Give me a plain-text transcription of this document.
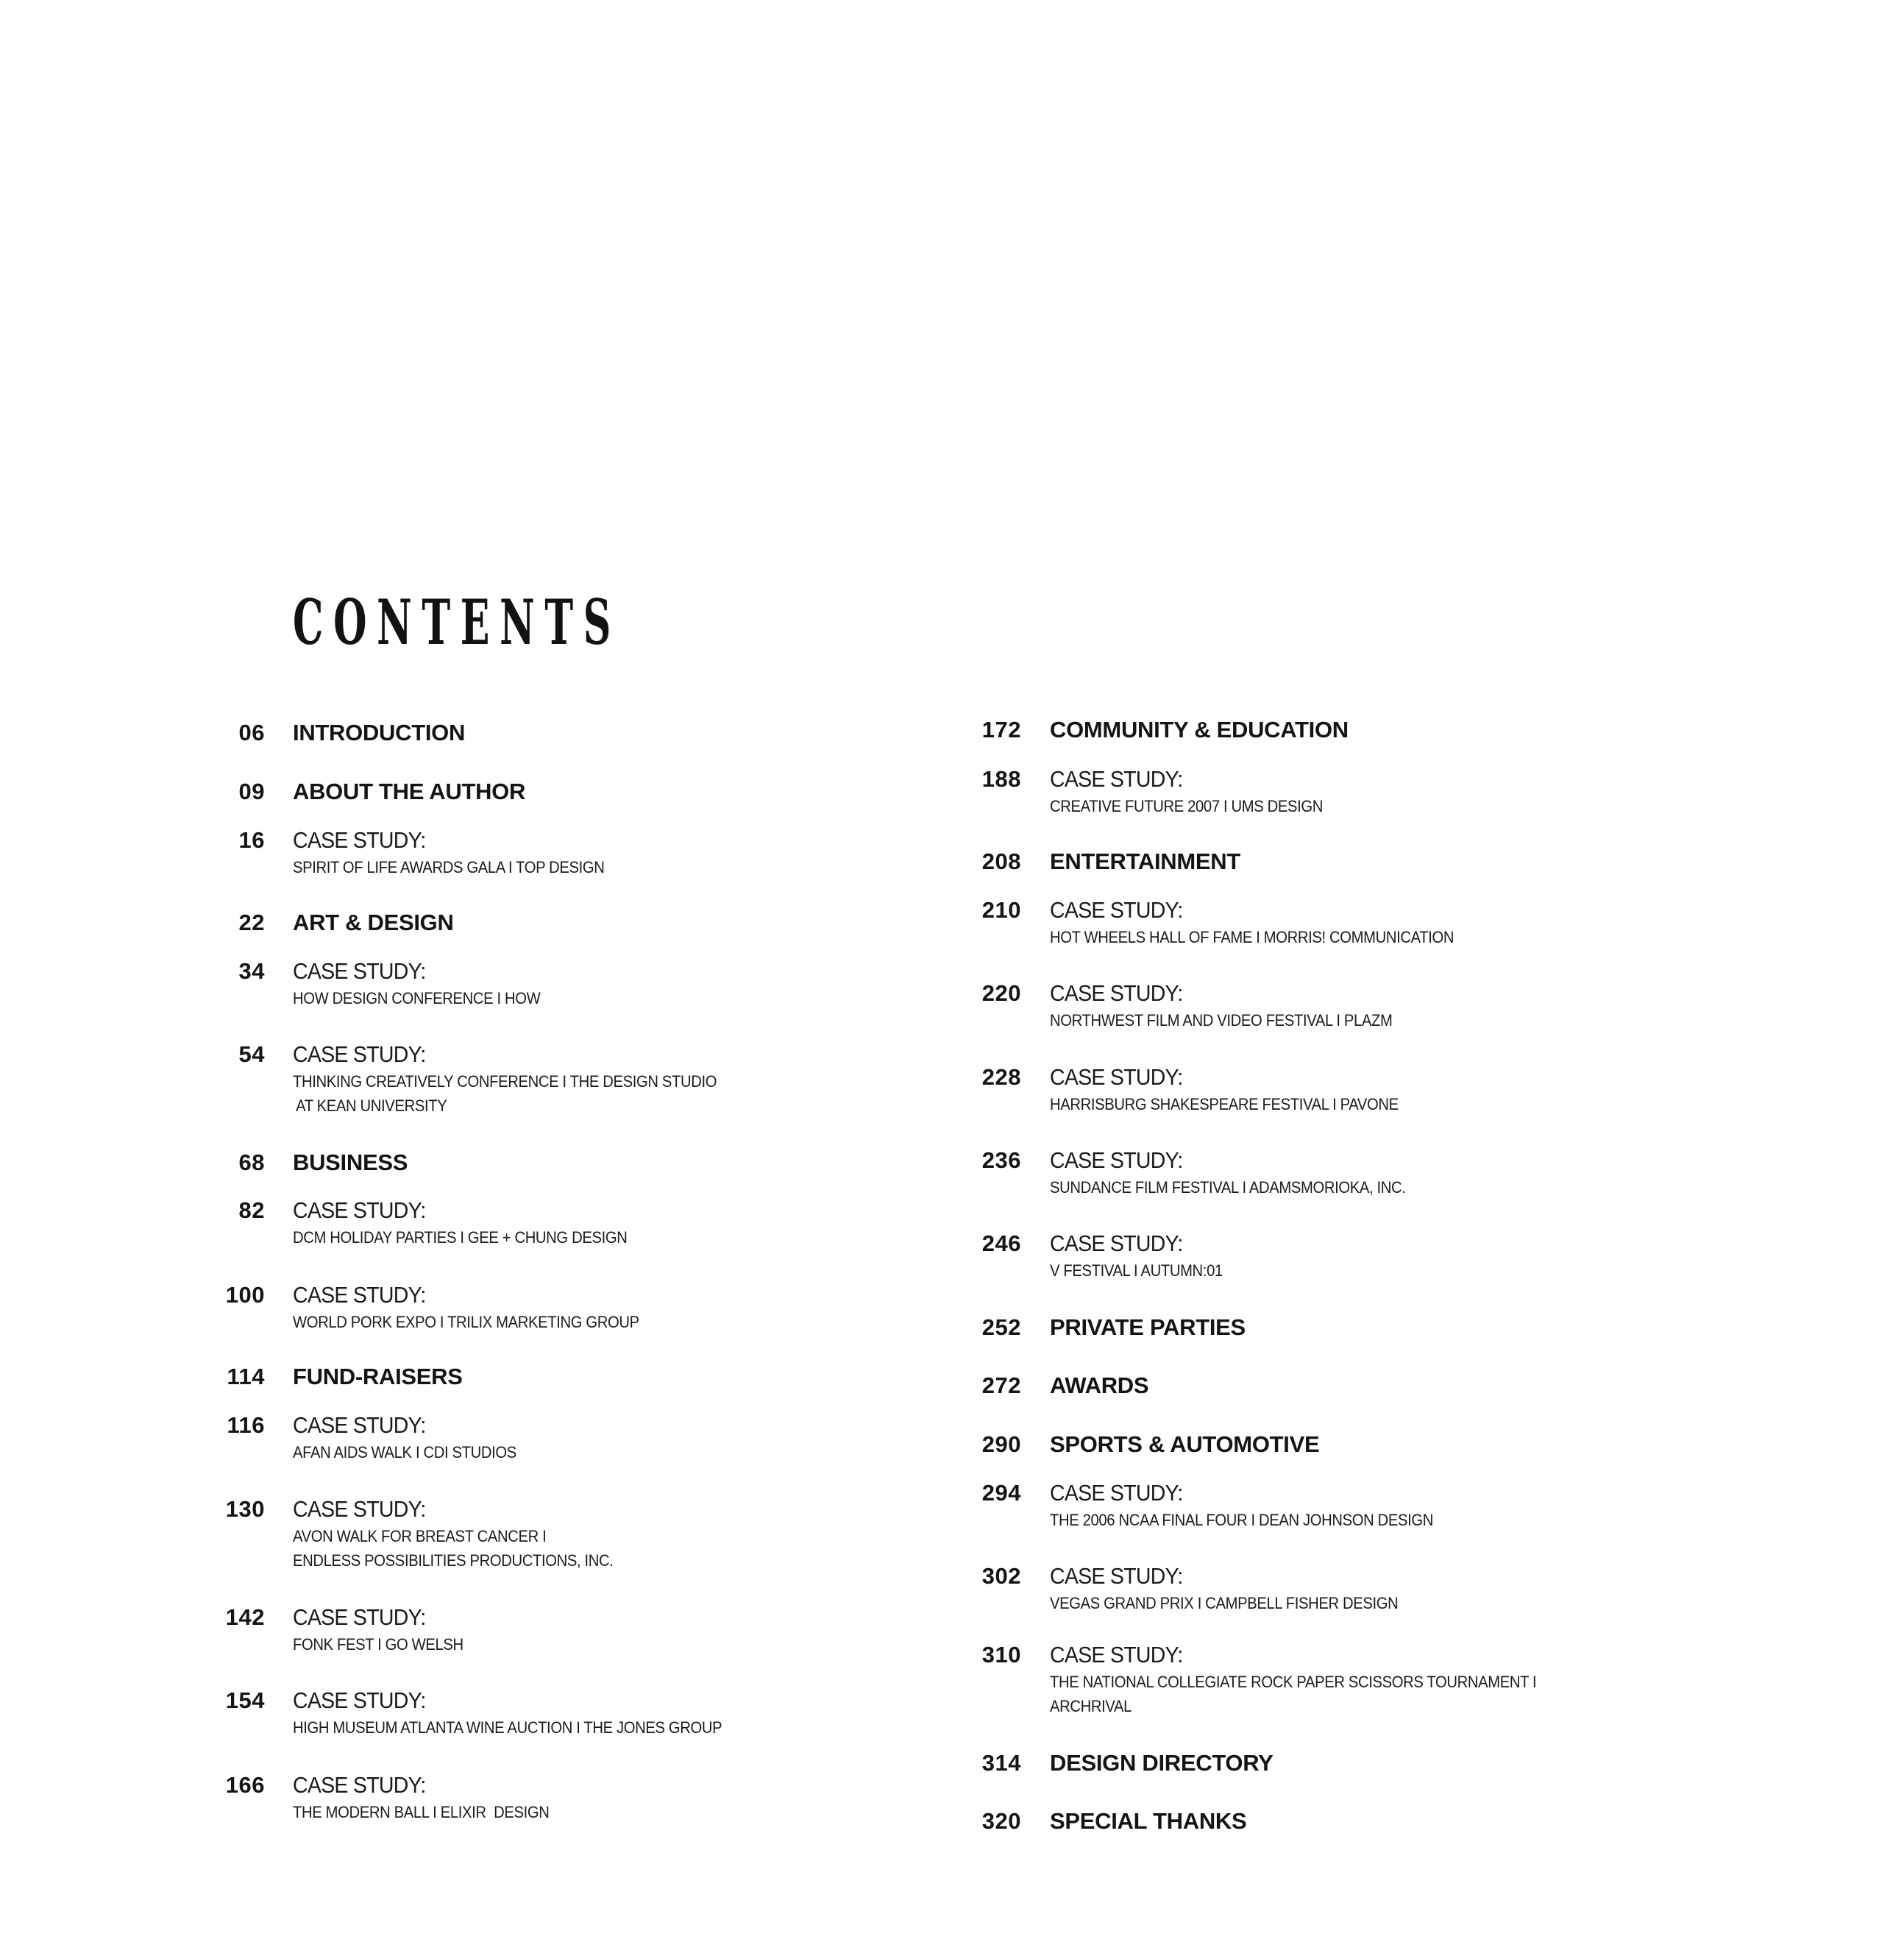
CONTENTS
06 INTRODUCTION
09 ABOUT THE AUTHOR
16 CASE STUDY:
SPIRIT OF LIFE AWARDS GALA I TOP DESIGN
22 ART & DESIGN
34 CASE STUDY:
HOW DESIGN CONFERENCE I HOW
54 CASE STUDY:
THINKING CREATIVELY CONFERENCE I THE DESIGN STUDIO
AT KEAN UNIVERSITY
68 BUSINESS
82 CASE STUDY:
DCM HOLIDAY PARTIES I GEE + CHUNG DESIGN
100 CASE STUDY:
WORLD PORK EXPO I TRILIX MARKETING GROUP
114 FUND-RAISERS
116 CASE STUDY:
AFAN AIDS WALK I CDI STUDIOS
130 CASE STUDY:
AVON WALK FOR BREAST CANCER I
ENDLESS POSSIBILITIES PRODUCTIONS, INC.
142 CASE STUDY:
FONK FEST I GO WELSH
154 CASE STUDY:
HIGH MUSEUM ATLANTA WINE AUCTION I THE JONES GROUP
166 CASE STUDY:
THE MODERN BALL I ELIXIR  DESIGN
172 COMMUNITY & EDUCATION
188 CASE STUDY:
CREATIVE FUTURE 2007 I UMS DESIGN
208 ENTERTAINMENT
210 CASE STUDY:
HOT WHEELS HALL OF FAME I MORRIS! COMMUNICATION
220 CASE STUDY:
NORTHWEST FILM AND VIDEO FESTIVAL I PLAZM
228 CASE STUDY:
HARRISBURG SHAKESPEARE FESTIVAL I PAVONE
236 CASE STUDY:
SUNDANCE FILM FESTIVAL I ADAMSMORIOKA, INC.
246 CASE STUDY:
V FESTIVAL I AUTUMN:01
252 PRIVATE PARTIES
272 AWARDS
290 SPORTS & AUTOMOTIVE
294 CASE STUDY:
THE 2006 NCAA FINAL FOUR I DEAN JOHNSON DESIGN
302 CASE STUDY:
VEGAS GRAND PRIX I CAMPBELL FISHER DESIGN
310 CASE STUDY:
THE NATIONAL COLLEGIATE ROCK PAPER SCISSORS TOURNAMENT I
ARCHRIVAL
314 DESIGN DIRECTORY
320 SPECIAL THANKS
